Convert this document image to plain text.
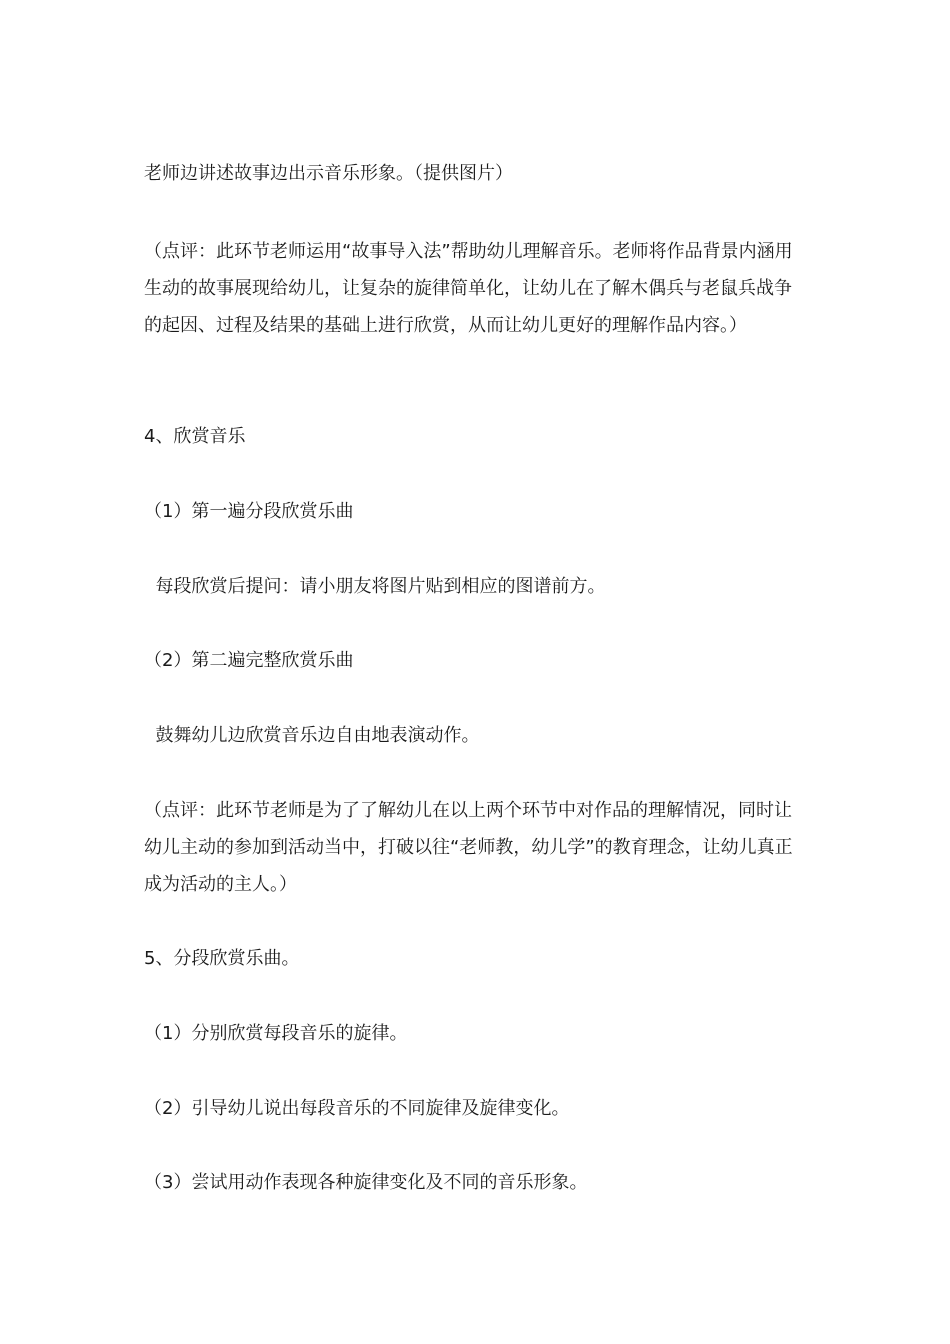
老师边讲述故事边出示音乐形象。（提供图片）

（点评：此环节老师运用“故事导入法”帮助幼儿理解音乐。老师将作品背景内涵用生动的故事展现给幼儿，让复杂的旋律简单化，让幼儿在了解木偶兵与老鼠兵战争的起因、过程及结果的基础上进行欣赏，从而让幼儿更好的理解作品内容。）

4、欣赏音乐

（1）第一遍分段欣赏乐曲

每段欣赏后提问：请小朋友将图片贴到相应的图谱前方。

（2）第二遍完整欣赏乐曲

鼓舞幼儿边欣赏音乐边自由地表演动作。

（点评：此环节老师是为了了解幼儿在以上两个环节中对作品的理解情况，同时让幼儿主动的参加到活动当中，打破以往“老师教，幼儿学”的教育理念，让幼儿真正成为活动的主人。）

5、分段欣赏乐曲。

（1）分别欣赏每段音乐的旋律。

（2）引导幼儿说出每段音乐的不同旋律及旋律变化。

（3）尝试用动作表现各种旋律变化及不同的音乐形象。
